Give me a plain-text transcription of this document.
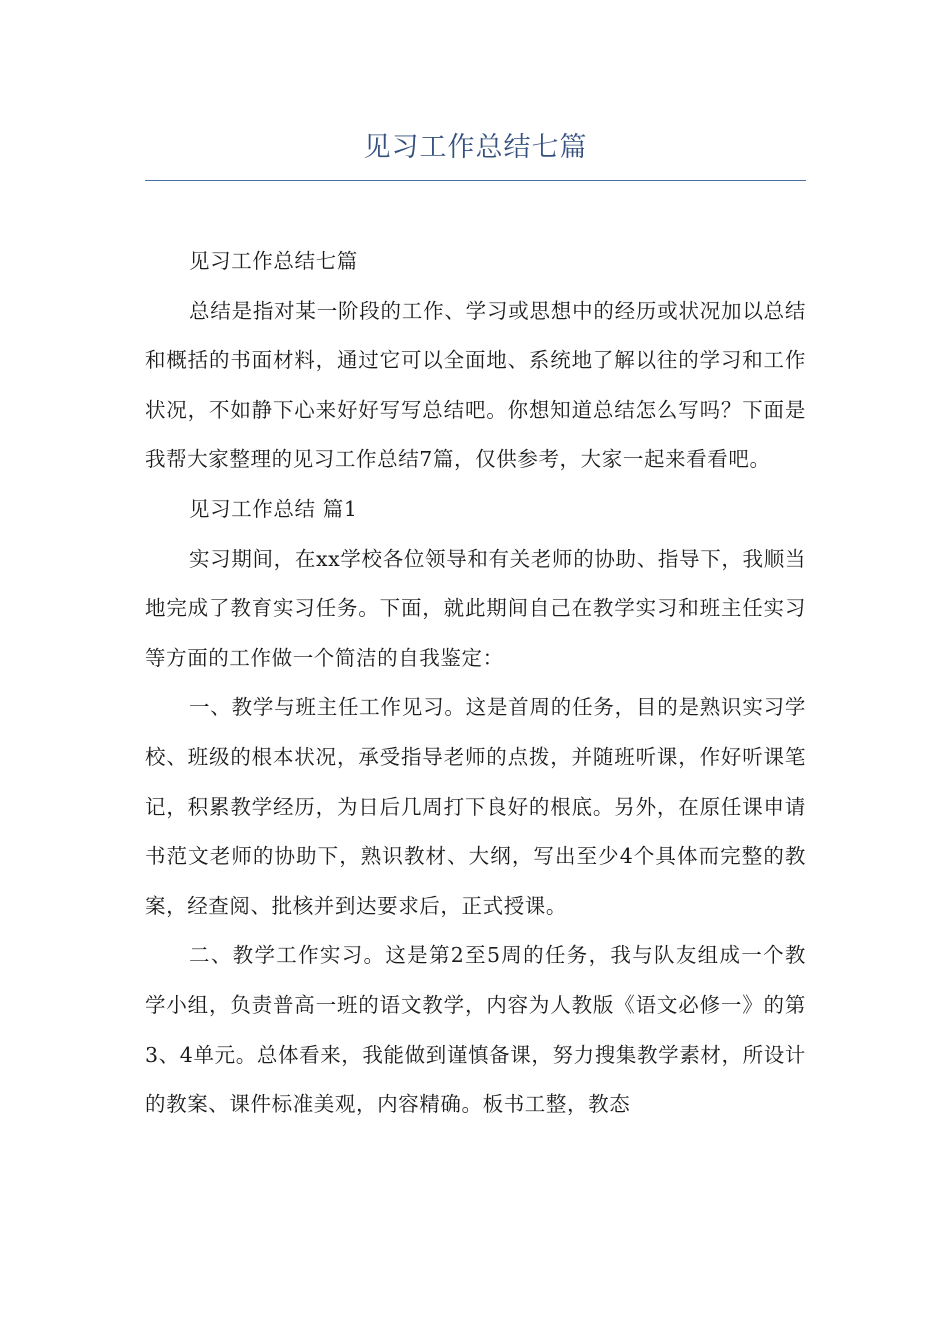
见习工作总结七篇

见习工作总结七篇

总结是指对某一阶段的工作、学习或思想中的经历或状况加以总结和概括的书面材料，通过它可以全面地、系统地了解以往的学习和工作状况，不如静下心来好好写写总结吧。你想知道总结怎么写吗？下面是我帮大家整理的见习工作总结7篇，仅供参考，大家一起来看看吧。

见习工作总结 篇1

实习期间，在xx学校各位领导和有关老师的协助、指导下，我顺当地完成了教育实习任务。下面，就此期间自己在教学实习和班主任实习等方面的工作做一个简洁的自我鉴定：

一、教学与班主任工作见习。这是首周的任务，目的是熟识实习学校、班级的根本状况，承受指导老师的点拨，并随班听课，作好听课笔记，积累教学经历，为日后几周打下良好的根底。另外，在原任课申请书范文老师的协助下，熟识教材、大纲，写出至少4个具体而完整的教案，经查阅、批核并到达要求后，正式授课。

二、教学工作实习。这是第2至5周的任务，我与队友组成一个教学小组，负责普高一班的语文教学，内容为人教版《语文必修一》的第3、4单元。总体看来，我能做到谨慎备课，努力搜集教学素材，所设计的教案、课件标准美观，内容精确。板书工整，教态
